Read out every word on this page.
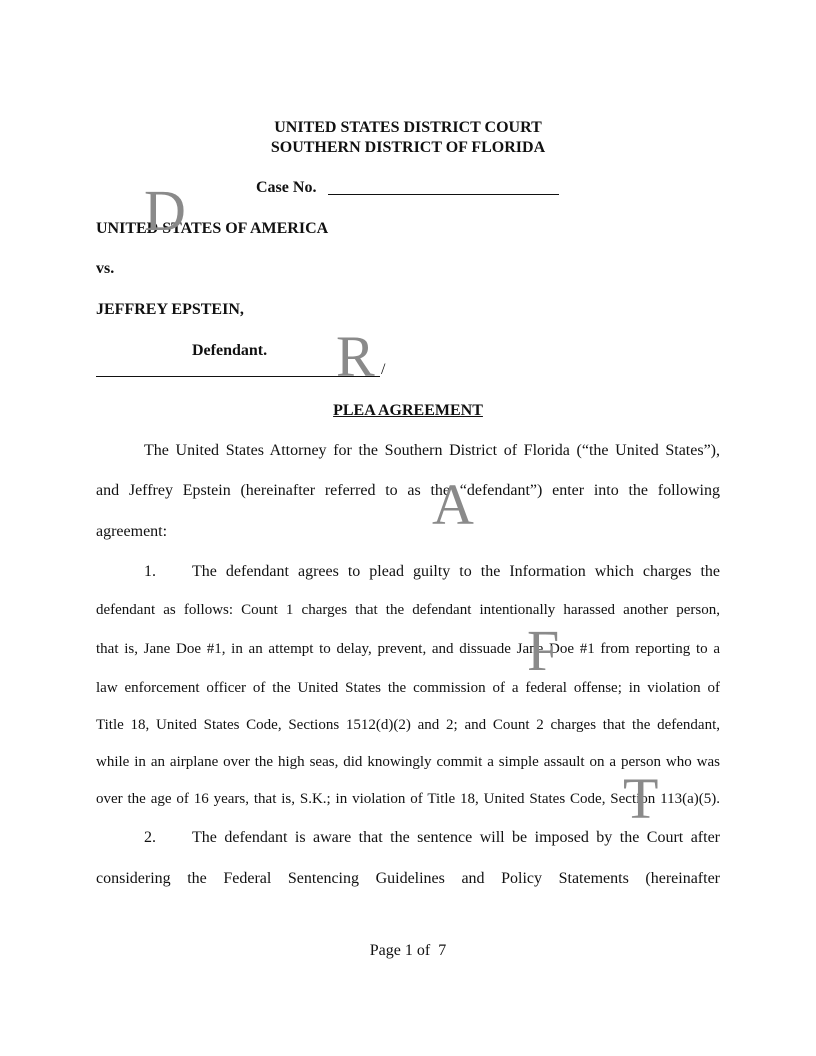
UNITED STATES DISTRICT COURT
SOUTHERN DISTRICT OF FLORIDA
Case No.
UNITED STATES OF AMERICA
vs.
JEFFREY EPSTEIN,
Defendant.
/
PLEA AGREEMENT
The United States Attorney for the Southern District of Florida (“the United States”),
and Jeffrey Epstein (hereinafter referred to as the “defendant”) enter into the following
agreement:
1. The defendant agrees to plead guilty to the Information which charges the
defendant as follows: Count 1 charges that the defendant intentionally harassed another person,
that is, Jane Doe #1, in an attempt to delay, prevent, and dissuade Jane Doe #1 from reporting to a
law enforcement officer of the United States the commission of a federal offense; in violation of
Title 18, United States Code, Sections 1512(d)(2) and 2; and Count 2 charges that the defendant,
while in an airplane over the high seas, did knowingly commit a simple assault on a person who was
over the age of 16 years, that is, S.K.; in violation of Title 18, United States Code, Section 113(a)(5).
2. The defendant is aware that the sentence will be imposed by the Court after
considering the Federal Sentencing Guidelines and Policy Statements (hereinafter
D
R
A
F
T
Page 1 of  7
